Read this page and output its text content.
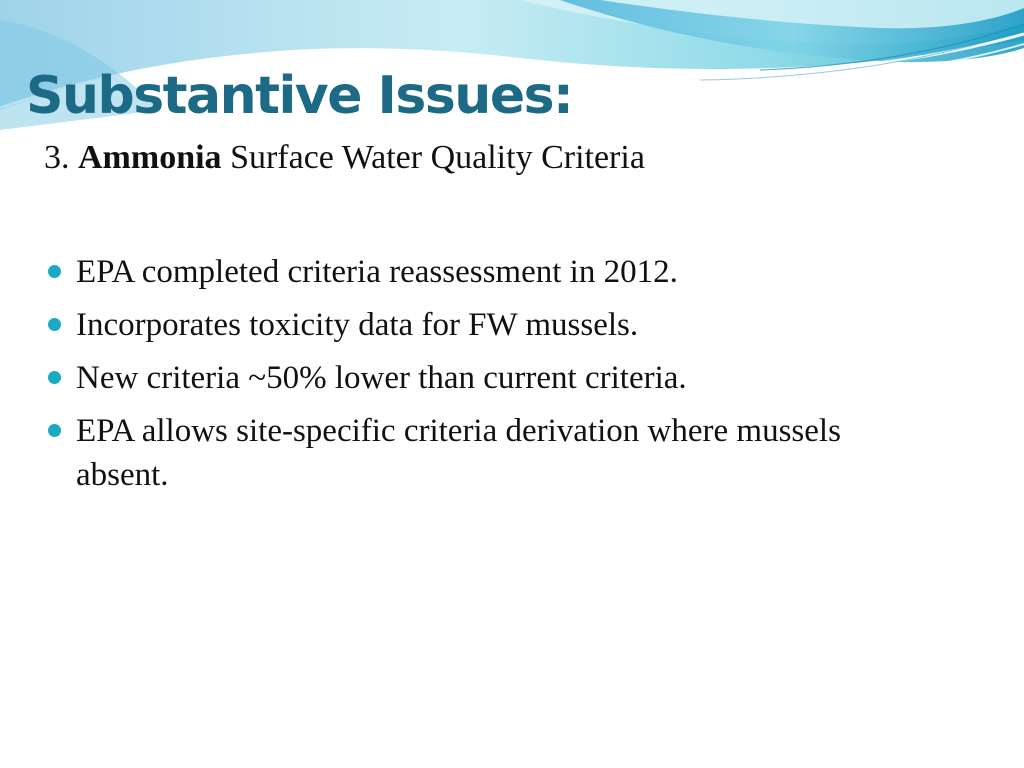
Substantive Issues:

3. Ammonia Surface Water Quality Criteria

EPA completed criteria reassessment in 2012.
Incorporates toxicity data for FW mussels.
New criteria ~50% lower than current criteria.
EPA allows site-specific criteria derivation where mussels absent.
